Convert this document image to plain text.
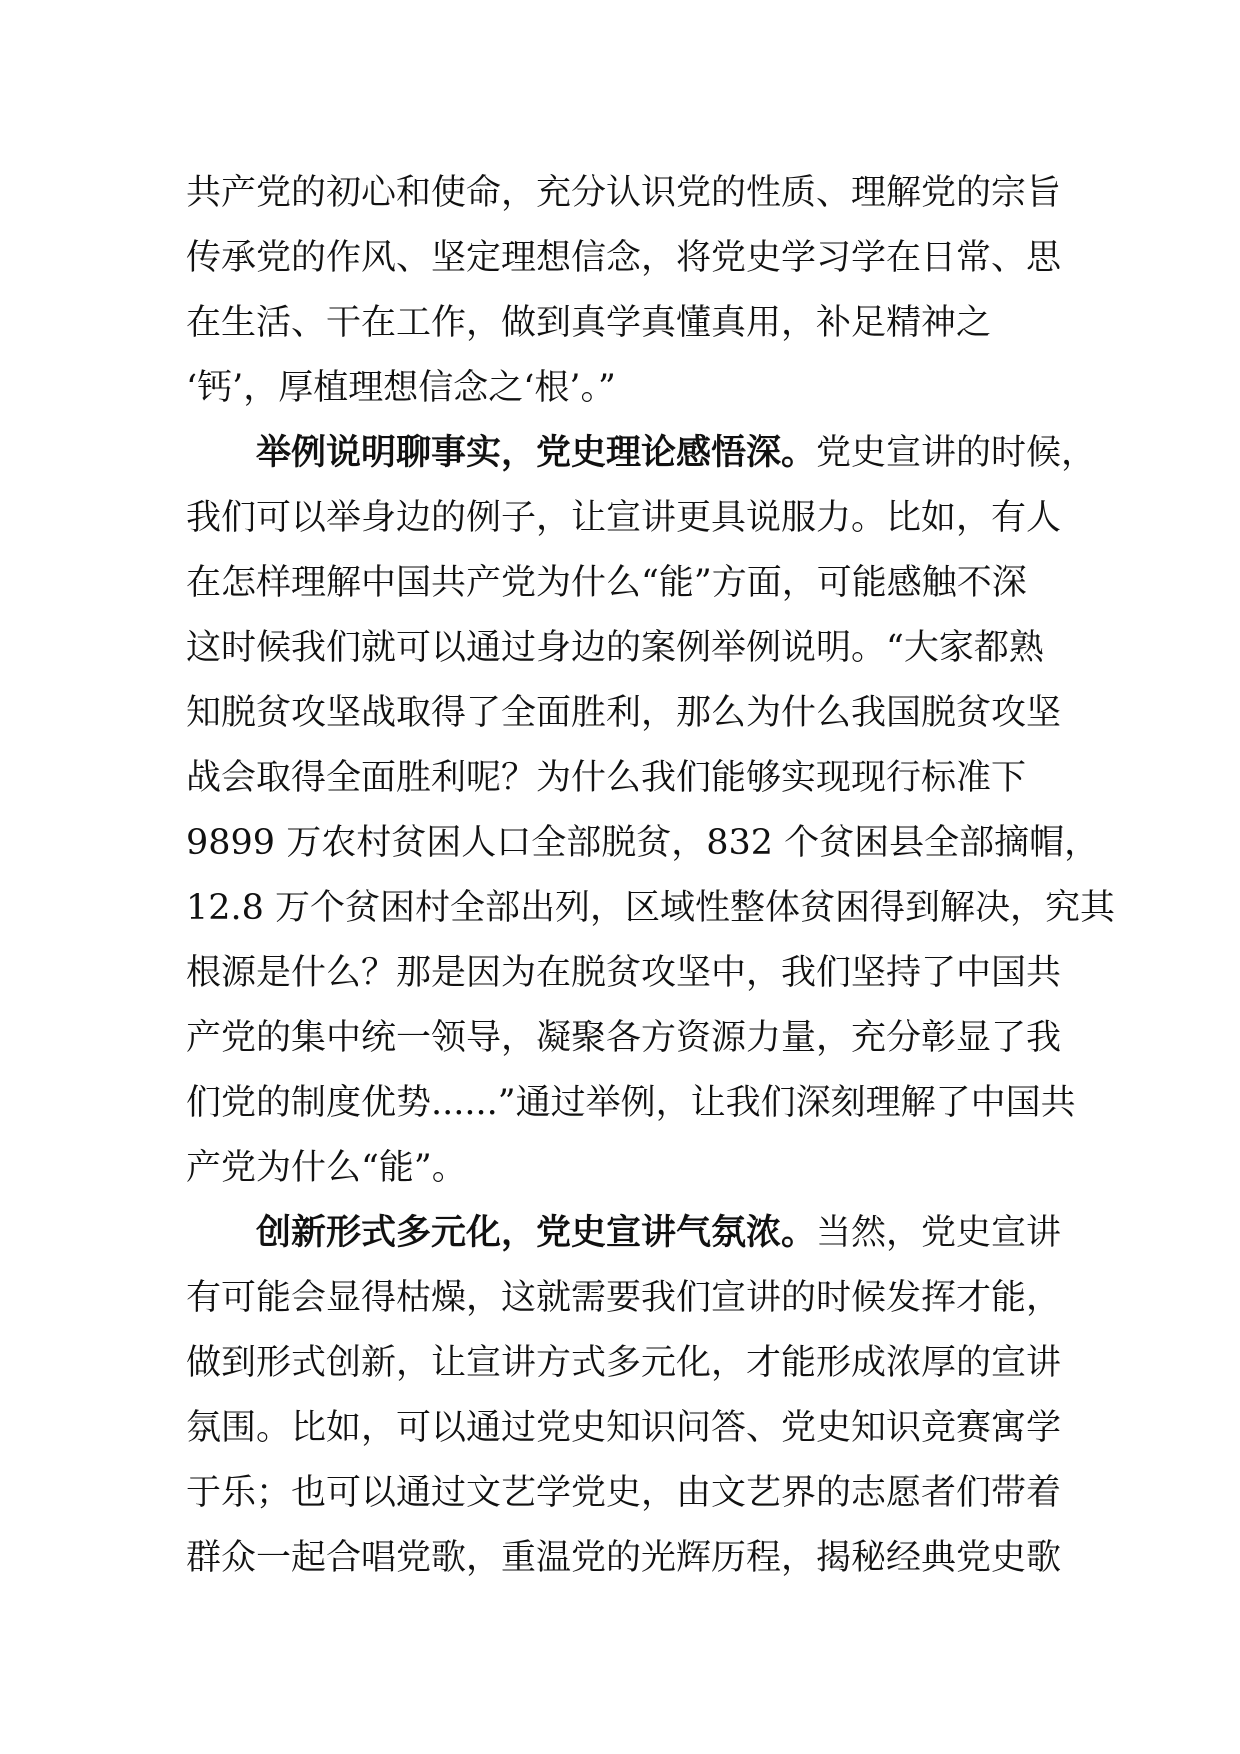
共产党的初心和使命，充分认识党的性质、理解党的宗旨
传承党的作风、坚定理想信念，将党史学习学在日常、思
在生活、干在工作，做到真学真懂真用，补足精神之
‘钙’，厚植理想信念之‘根’。”
举例说明聊事实，党史理论感悟深。党史宣讲的时候，
我们可以举身边的例子，让宣讲更具说服力。比如，有人
在怎样理解中国共产党为什么“能”方面，可能感触不深
这时候我们就可以通过身边的案例举例说明。“大家都熟
知脱贫攻坚战取得了全面胜利，那么为什么我国脱贫攻坚
战会取得全面胜利呢？为什么我们能够实现现行标准下
9899 万农村贫困人口全部脱贫，832 个贫困县全部摘帽，
12.8 万个贫困村全部出列，区域性整体贫困得到解决，究其
根源是什么？那是因为在脱贫攻坚中，我们坚持了中国共
产党的集中统一领导，凝聚各方资源力量，充分彰显了我
们党的制度优势......”通过举例，让我们深刻理解了中国共
产党为什么“能”。
创新形式多元化，党史宣讲气氛浓。当然，党史宣讲
有可能会显得枯燥，这就需要我们宣讲的时候发挥才能，
做到形式创新，让宣讲方式多元化，才能形成浓厚的宣讲
氛围。比如，可以通过党史知识问答、党史知识竞赛寓学
于乐；也可以通过文艺学党史，由文艺界的志愿者们带着
群众一起合唱党歌，重温党的光辉历程，揭秘经典党史歌
